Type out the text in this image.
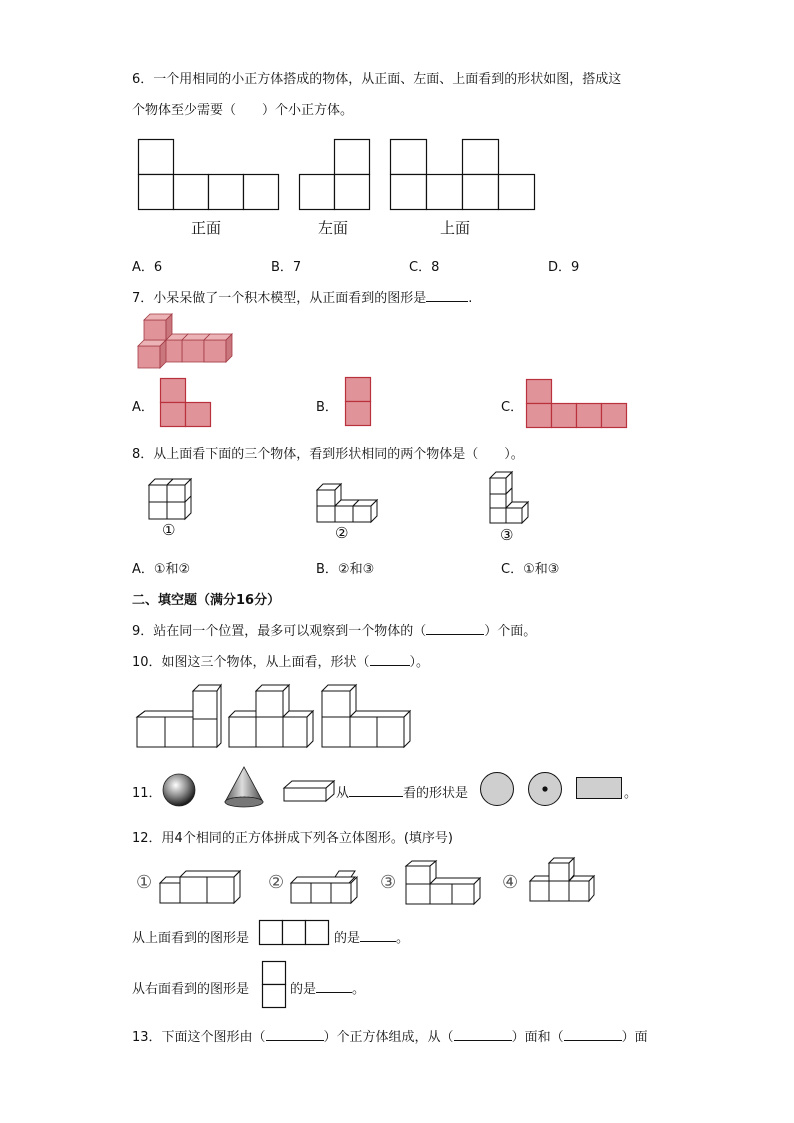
6．一个用相同的小正方体搭成的物体，从正面、左面、上面看到的形状如图，搭成这
个物体至少需要（　　）个小正方体。
正面	左面	上面
A．6	B．7	C．8	D．9
7．小呆呆做了一个积木模型，从正面看到的图形是	.
A．	B．	C．
8．从上面看下面的三个物体，看到形状相同的两个物体是（　　）。
①	②	③
A．①和②	B．②和③	C．①和③
二、填空题（满分16分）
9．站在同一个位置，最多可以观察到一个物体的（	）个面。
10．如图这三个物体，从上面看，形状（	）。
11．	从	看的形状是	。
12．用4个相同的正方体拼成下列各立体图形。(填序号)
①	②	③	④
从上面看到的图形是	的是	。
从右面看到的图形是	的是	。
13．下面这个图形由（	）个正方体组成，从（	）面和（	）面
